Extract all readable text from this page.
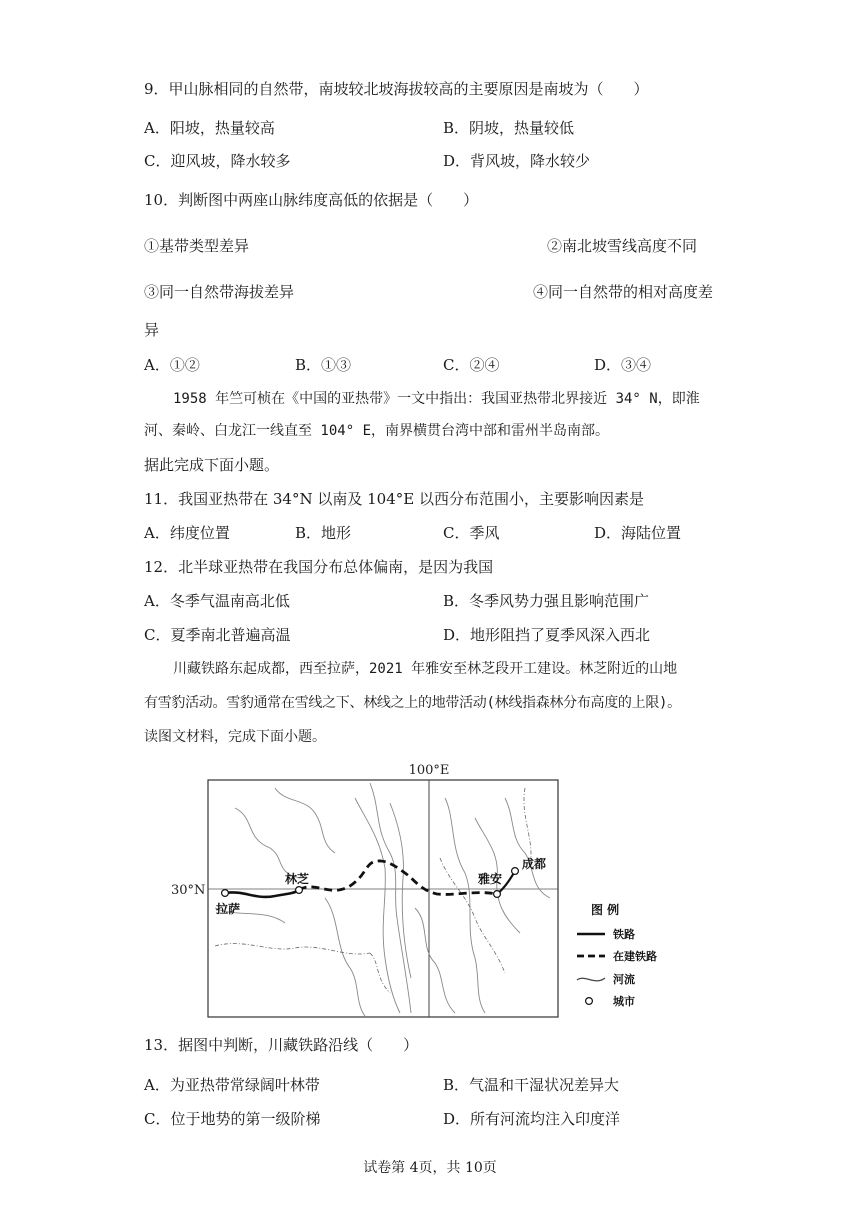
9．甲山脉相同的自然带，南坡较北坡海拔较高的主要原因是南坡为（　　）
A．阳坡，热量较高	B．阴坡，热量较低
C．迎风坡，降水较多	D．背风坡，降水较少
10．判断图中两座山脉纬度高低的依据是（　　）
①基带类型差异	②南北坡雪线高度不同
③同一自然带海拔差异	④同一自然带的相对高度差
异
A．①②	B．①③	C．②④	D．③④
1958 年竺可桢在《中国的亚热带》一文中指出：我国亚热带北界接近 34° N，即淮
河、秦岭、白龙江一线直至 104° E，南界横贯台湾中部和雷州半岛南部。
据此完成下面小题。
11．我国亚热带在 34°N 以南及 104°E 以西分布范围小，主要影响因素是
A．纬度位置	B．地形	C．季风	D．海陆位置
12．北半球亚热带在我国分布总体偏南，是因为我国
A．冬季气温南高北低	B．冬季风势力强且影响范围广
C．夏季南北普遍高温	D．地形阻挡了夏季风深入西北
川藏铁路东起成都，西至拉萨，2021 年雅安至林芝段开工建设。林芝附近的山地
有雪豹活动。雪豹通常在雪线之下、林线之上的地带活动(林线指森林分布高度的上限)。
读图文材料，完成下面小题。
100°E
30°N
拉萨
林芝	雅安
成都
图 例
铁路
在建铁路
河流
城市
13．据图中判断，川藏铁路沿线（　　）
A．为亚热带常绿阔叶林带	B．气温和干湿状况差异大
C．位于地势的第一级阶梯	D．所有河流均注入印度洋
试卷第 4页，共 10页
